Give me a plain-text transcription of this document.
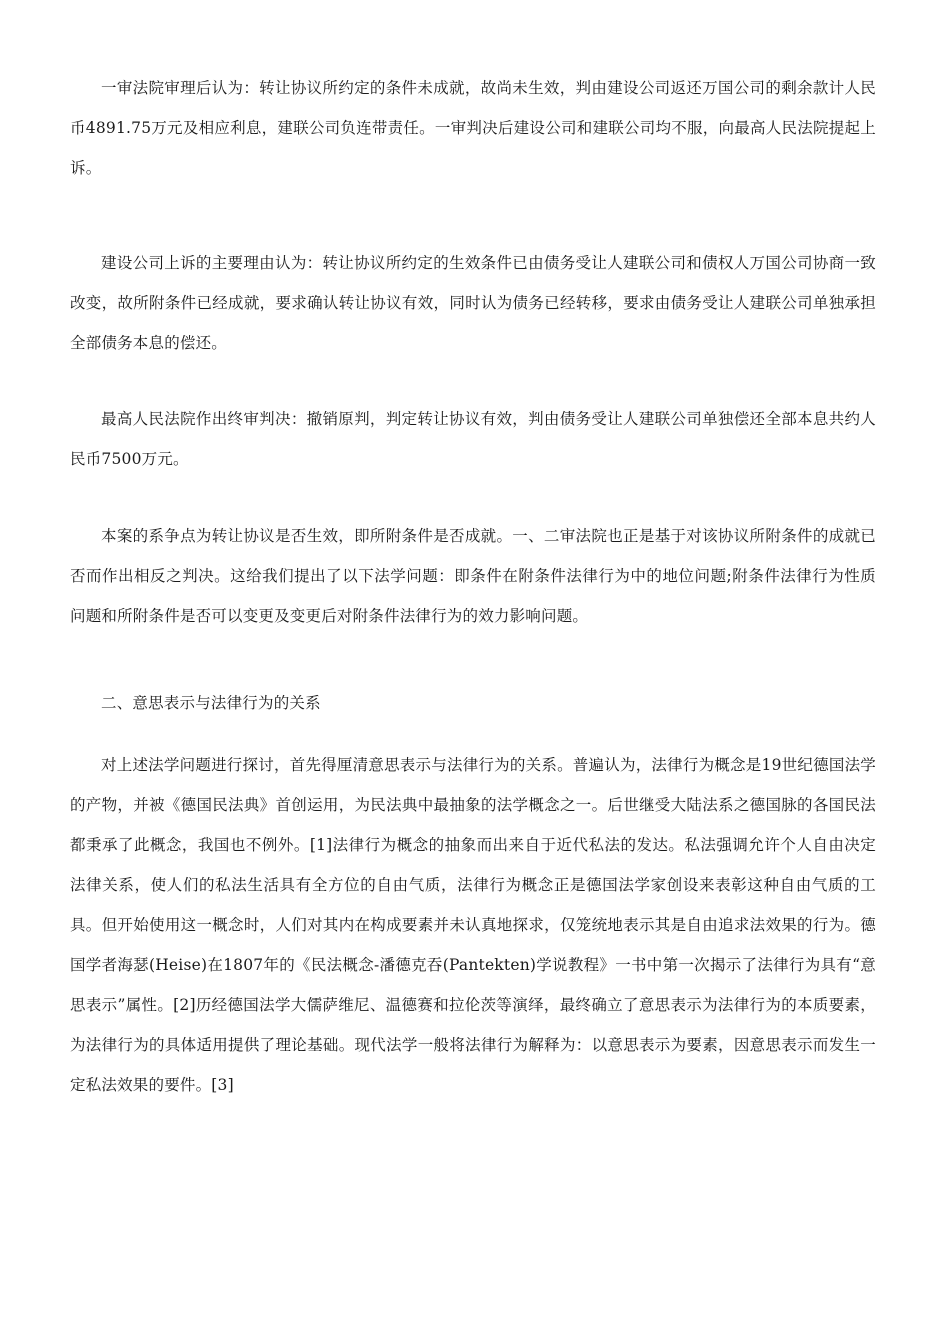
一审法院审理后认为：转让协议所约定的条件未成就，故尚未生效，判由建设公司返还万国公司的剩余款计人民币4891.75万元及相应利息，建联公司负连带责任。一审判决后建设公司和建联公司均不服，向最高人民法院提起上诉。

建设公司上诉的主要理由认为：转让协议所约定的生效条件已由债务受让人建联公司和债权人万国公司协商一致改变，故所附条件已经成就，要求确认转让协议有效，同时认为债务已经转移，要求由债务受让人建联公司单独承担全部债务本息的偿还。

最高人民法院作出终审判决：撤销原判，判定转让协议有效，判由债务受让人建联公司单独偿还全部本息共约人民币7500万元。

本案的系争点为转让协议是否生效，即所附条件是否成就。一、二审法院也正是基于对该协议所附条件的成就已否而作出相反之判决。这给我们提出了以下法学问题：即条件在附条件法律行为中的地位问题;附条件法律行为性质问题和所附条件是否可以变更及变更后对附条件法律行为的效力影响问题。

二、意思表示与法律行为的关系

对上述法学问题进行探讨，首先得厘清意思表示与法律行为的关系。普遍认为，法律行为概念是19世纪德国法学的产物，并被《德国民法典》首创运用，为民法典中最抽象的法学概念之一。后世继受大陆法系之德国脉的各国民法都秉承了此概念，我国也不例外。[1]法律行为概念的抽象而出来自于近代私法的发达。私法强调允许个人自由决定法律关系，使人们的私法生活具有全方位的自由气质，法律行为概念正是德国法学家创设来表彰这种自由气质的工具。但开始使用这一概念时，人们对其内在构成要素并未认真地探求，仅笼统地表示其是自由追求法效果的行为。德国学者海瑟(Heise)在1807年的《民法概念-潘德克吞(Pantekten)学说教程》一书中第一次揭示了法律行为具有“意思表示”属性。[2]历经德国法学大儒萨维尼、温德赛和拉伦茨等演绎，最终确立了意思表示为法律行为的本质要素，为法律行为的具体适用提供了理论基础。现代法学一般将法律行为解释为：以意思表示为要素，因意思表示而发生一定私法效果的要件。[3]
